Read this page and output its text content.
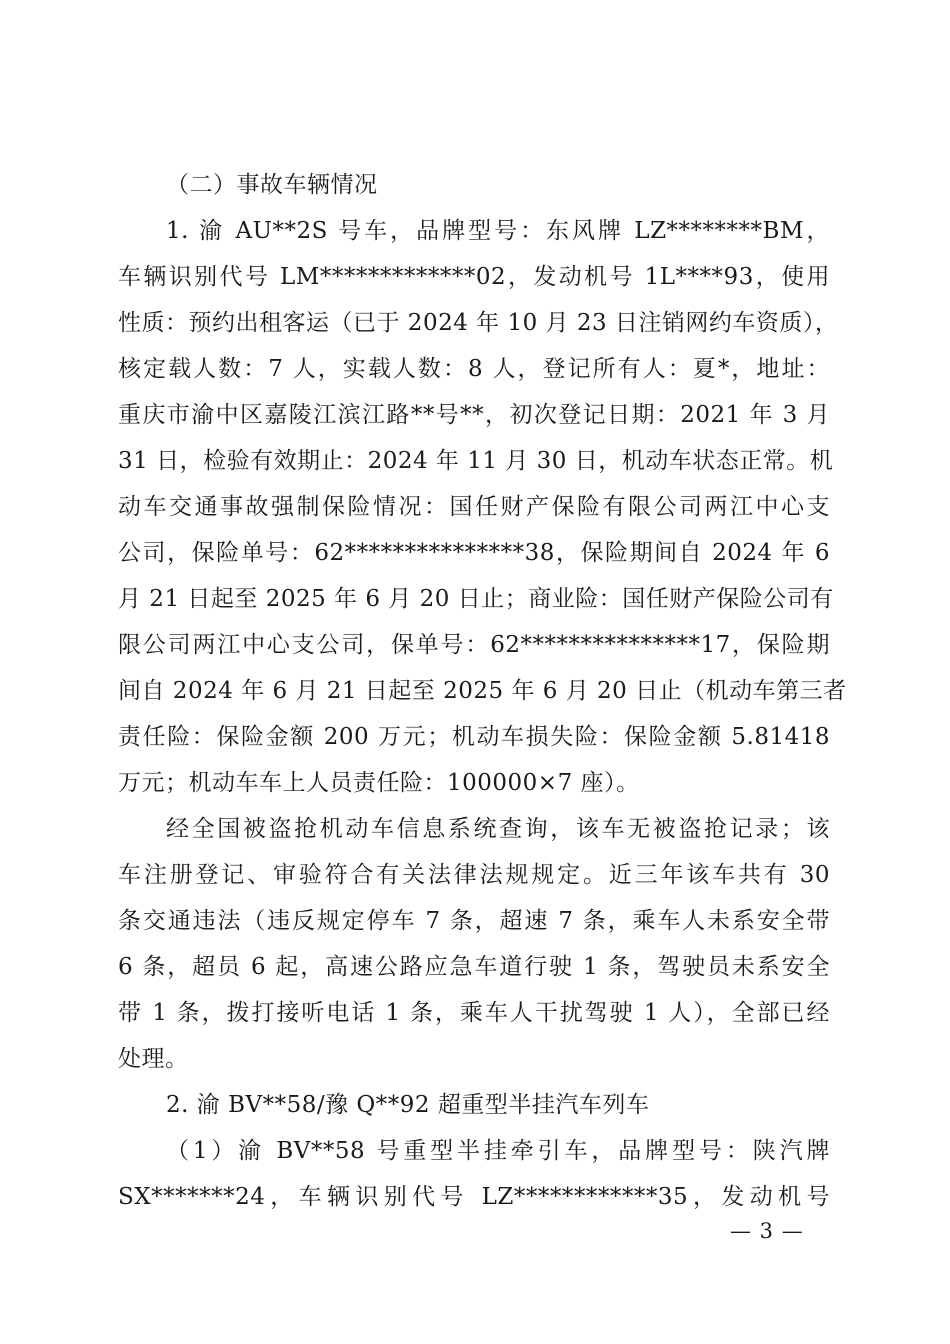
（二）事故车辆情况
1. 渝 AU**2S 号车，品牌型号：东风牌 LZ********BM，
车辆识别代号 LM*************02，发动机号 1L****93，使用
性质：预约出租客运（已于 2024 年 10 月 23 日注销网约车资质），
核定载人数：7 人，实载人数：8 人，登记所有人：夏*，地址：
重庆市渝中区嘉陵江滨江路**号**，初次登记日期：2021 年 3 月
31 日，检验有效期止：2024 年 11 月 30 日，机动车状态正常。机
动车交通事故强制保险情况：国任财产保险有限公司两江中心支
公司，保险单号：62***************38，保险期间自 2024 年 6
月 21 日起至 2025 年 6 月 20 日止；商业险：国任财产保险公司有
限公司两江中心支公司，保单号：62***************17，保险期
间自 2024 年 6 月 21 日起至 2025 年 6 月 20 日止（机动车第三者
责任险：保险金额 200 万元；机动车损失险：保险金额 5.81418
万元；机动车车上人员责任险：100000×7 座）。
经全国被盗抢机动车信息系统查询，该车无被盗抢记录；该
车注册登记、审验符合有关法律法规规定。近三年该车共有 30
条交通违法（违反规定停车 7 条，超速 7 条，乘车人未系安全带
6 条，超员 6 起，高速公路应急车道行驶 1 条，驾驶员未系安全
带 1 条，拨打接听电话 1 条，乘车人干扰驾驶 1 人），全部已经
处理。
2. 渝 BV**58/豫 Q**92 超重型半挂汽车列车
（1）渝 BV**58 号重型半挂牵引车，品牌型号：陕汽牌
SX*******24，车辆识别代号 LZ************35，发动机号
— 3 —
